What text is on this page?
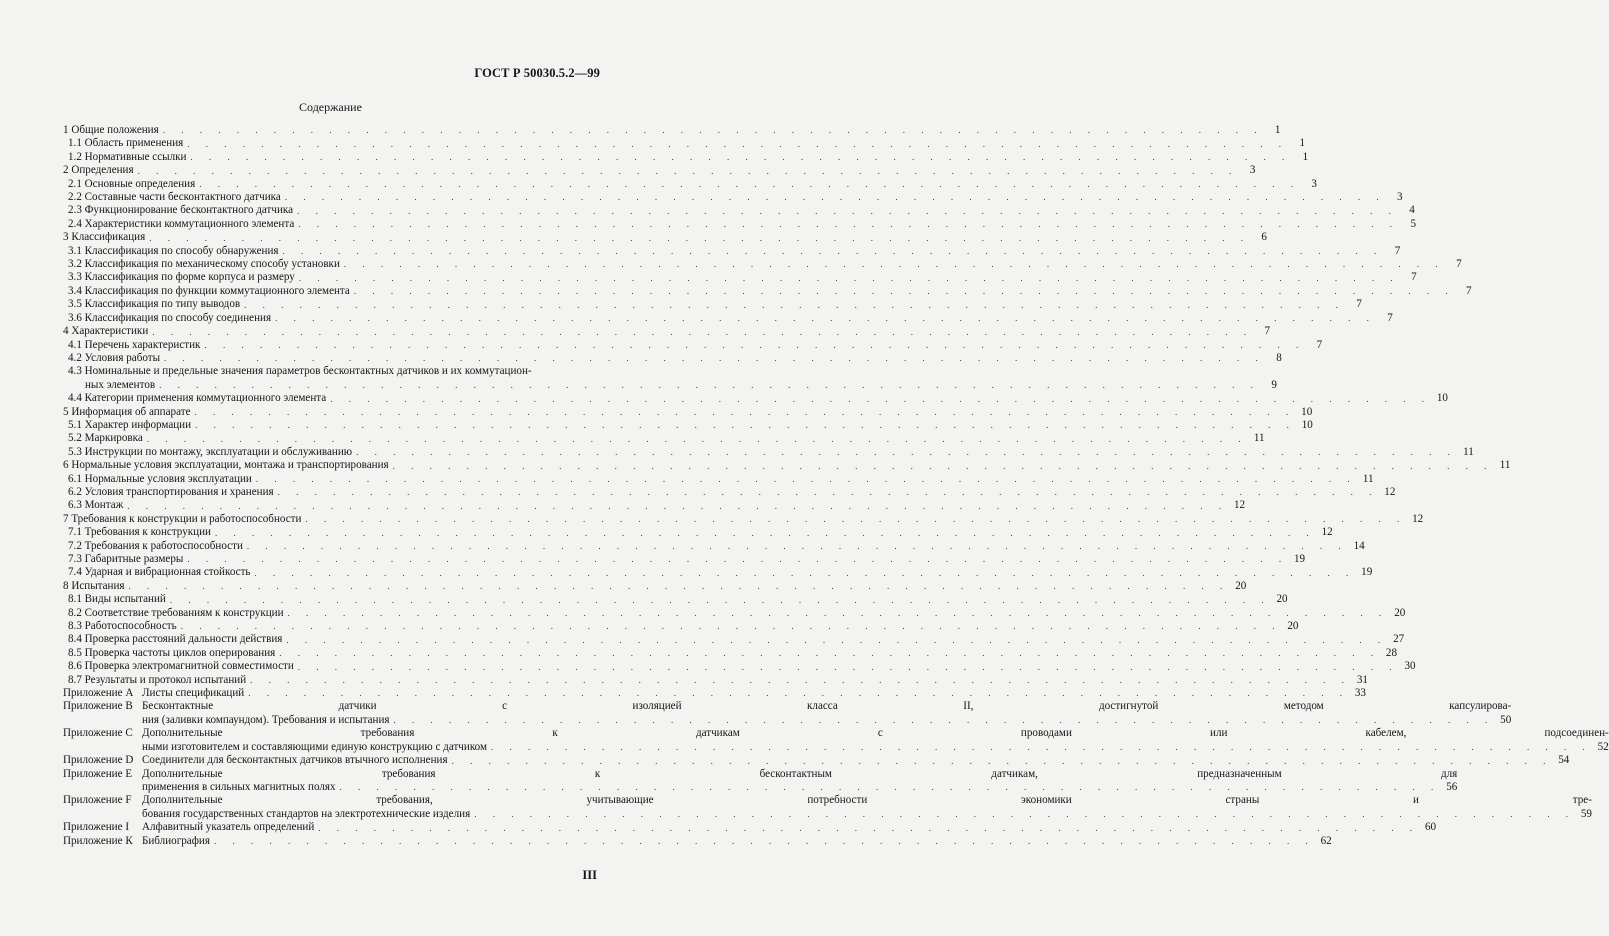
ГОСТ Р 50030.5.2—99
Содержание
1 Общие положения . . .	1
1.1 Область применения . . .	1
1.2 Нормативные ссылки . . .	1
2 Определения . . .	3
2.1 Основные определения . . .	3
2.2 Составные части бесконтактного датчика . . .	3
2.3 Функционирование бесконтактного датчика . . .	4
2.4 Характеристики коммутационного элемента . . .	5
3 Классификация . . .	6
3.1 Классификация по способу обнаружения . . .	7
3.2 Классификация по механическому способу установки . . .	7
3.3 Классификация по форме корпуса и размеру . . .	7
3.4 Классификация по функции коммутационного элемента . . .	7
3.5 Классификация по типу выводов . . .	7
3.6 Классификация по способу соединения . . .	7
4 Характеристики . . .	7
4.1 Перечень характеристик . . .	7
4.2 Условия работы . . .	8
4.3 Номинальные и предельные значения параметров бесконтактных датчиков и их коммутацион-
ных элементов . . .	9
4.4 Категории применения коммутационного элемента . . .	10
5 Информация об аппарате . . .	10
5.1 Характер информации . . .	10
5.2 Маркировка . . .	11
5.3 Инструкции по монтажу, эксплуатации и обслуживанию . . .	11
6 Нормальные условия эксплуатации, монтажа и транспортирования . . .	11
6.1 Нормальные условия эксплуатации . . .	11
6.2 Условия транспортирования и хранения . . .	12
6.3 Монтаж . . .	12
7 Требования к конструкции и работоспособности . . .	12
7.1 Требования к конструкции . . .	12
7.2 Требования к работоспособности . . .	14
7.3 Габаритные размеры . . .	19
7.4 Ударная и вибрационная стойкость . . .	19
8 Испытания . . .	20
8.1 Виды испытаний . . .	20
8.2 Соответствие требованиям к конструкции . . .	20
8.3 Работоспособность . . .	20
8.4 Проверка расстояний дальности действия . . .	27
8.5 Проверка частоты циклов оперирования . . .	28
8.6 Проверка электромагнитной совместимости . . .	30
8.7 Результаты и протокол испытаний . . .	31
Приложение А Листы спецификаций . . .	33
Приложение В Бесконтактные датчики с изоляцией класса II, достигнутой методом капсулирова-
ния (заливки компаундом). Требования и испытания . . .	50
Приложение С Дополнительные требования к датчикам с проводами или кабелем, подсоединен-
ными изготовителем и составляющими единую конструкцию с датчиком . . .	52
Приложение D Соединители для бесконтактных датчиков втычного исполнения . . .	54
Приложение Е Дополнительные требования к бесконтактным датчикам, предназначенным для
применения в сильных магнитных полях . . .	56
Приложение F Дополнительные требования, учитывающие потребности экономики страны и тре-
бования государственных стандартов на электротехнические изделия . . .	59
Приложение I	Алфавитный указатель определений . . .	60
Приложение К Библиография . . .	62
III
